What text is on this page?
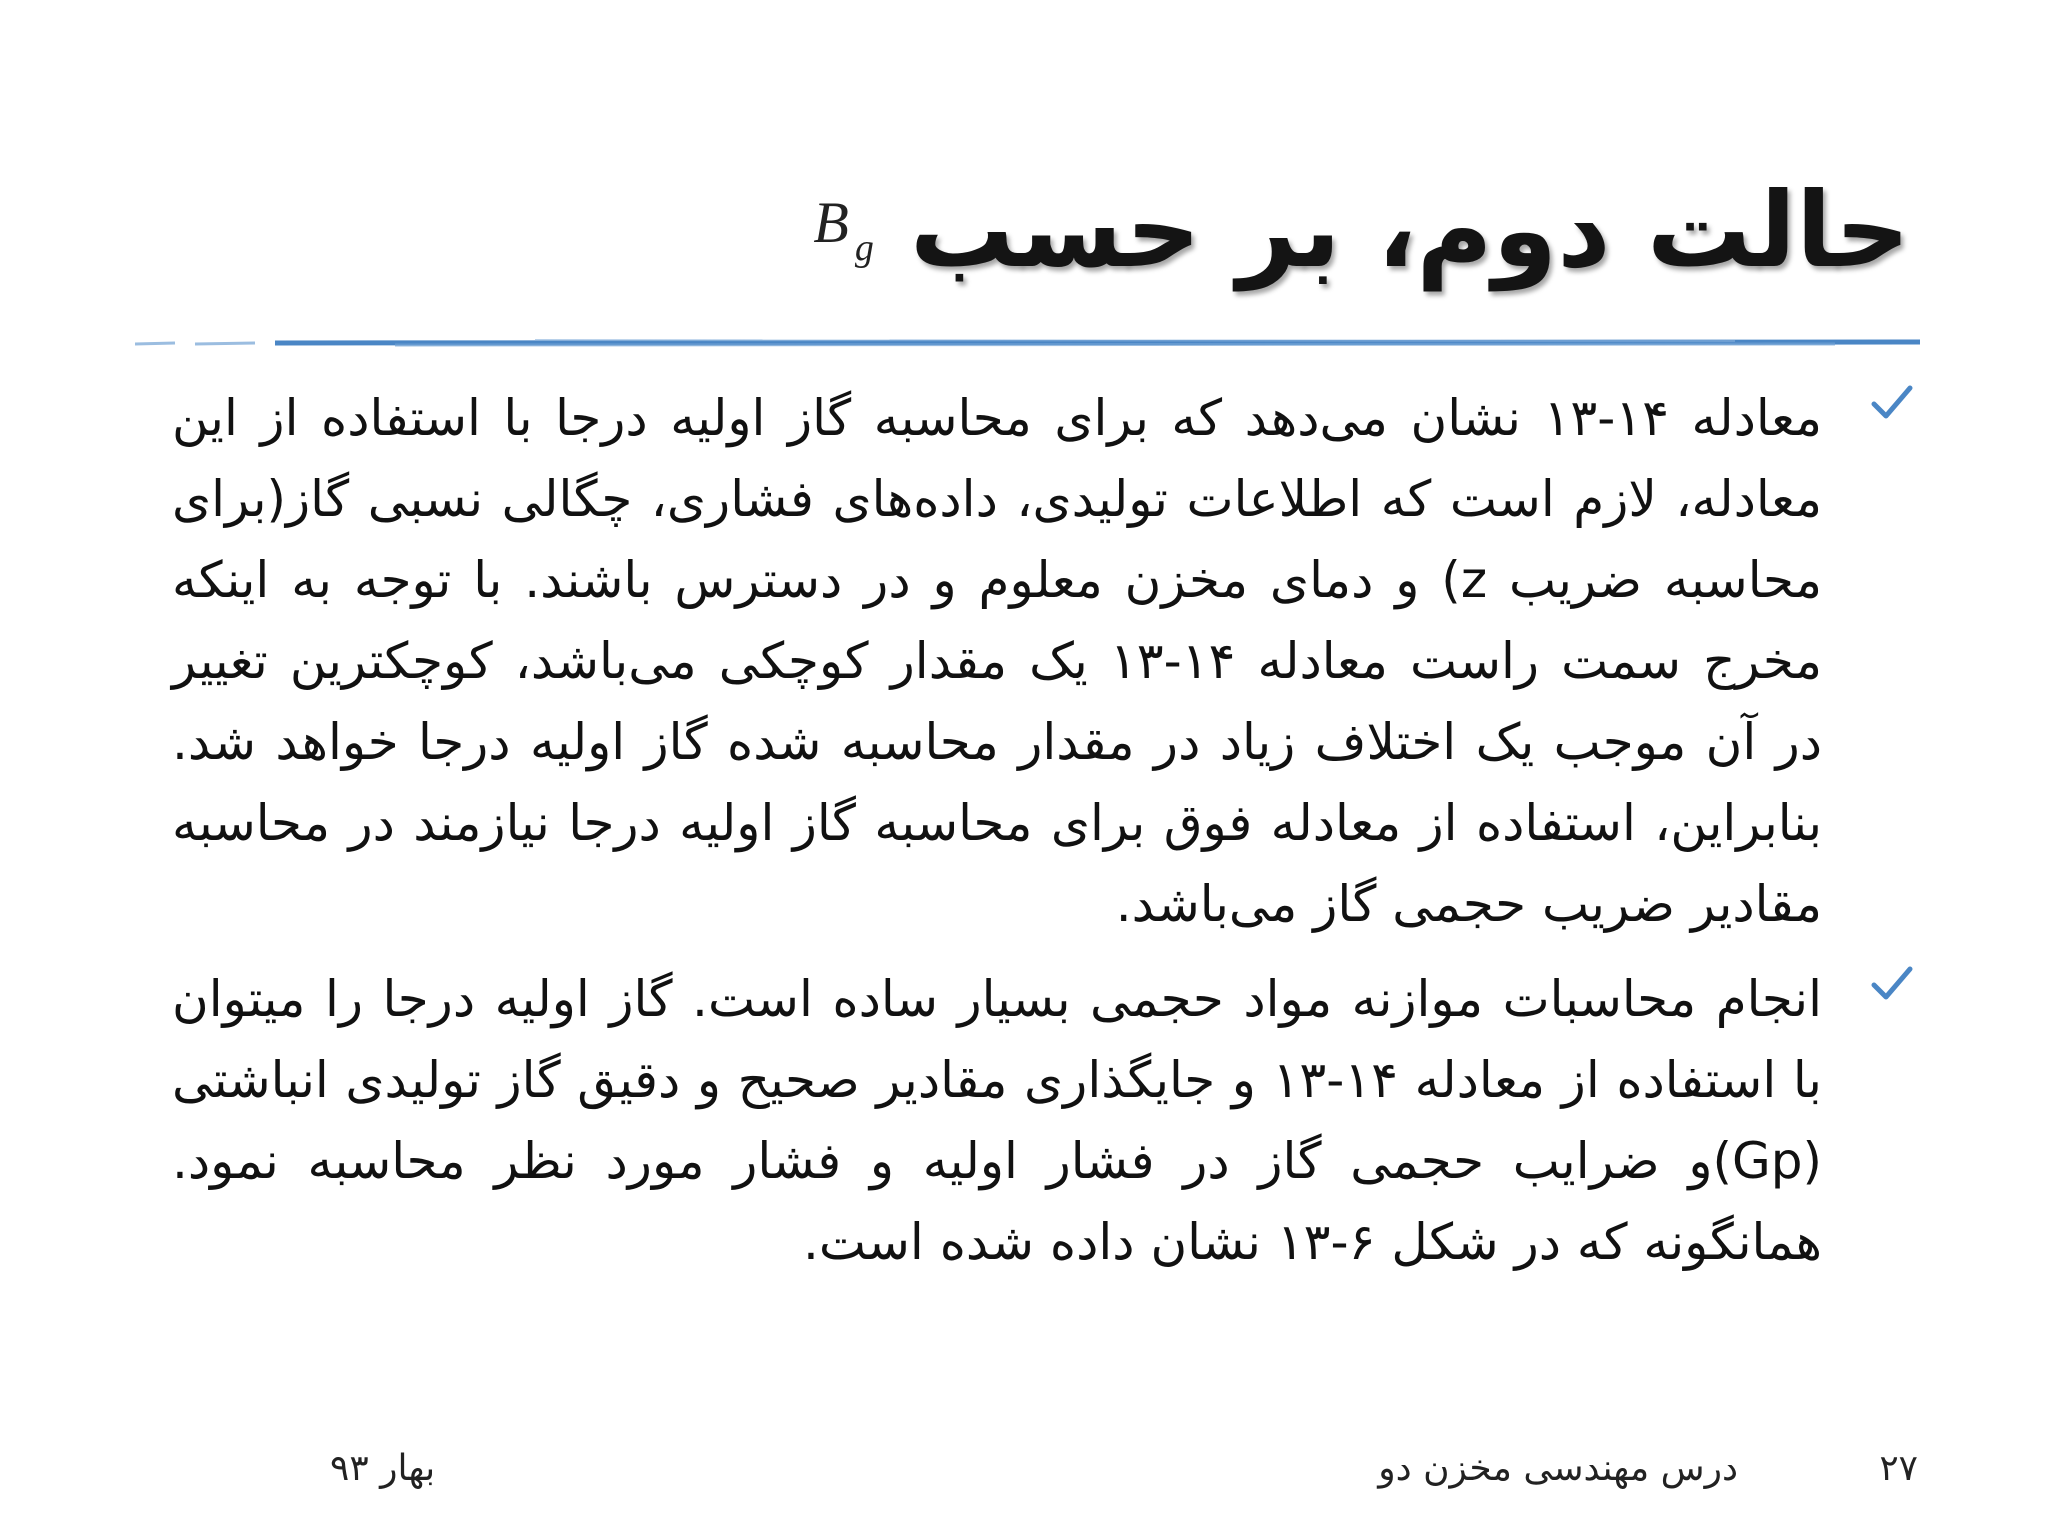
حالت دوم، بر حسب
B $_g$

معادله ۱۴-۱۳ نشان می‌دهد که برای محاسبه گاز اولیه درجا با استفاده از این معادله، لازم است که اطلاعات تولیدی، داده‌های فشاری، چگالی نسبی گاز(برای محاسبه ضریب z) و دمای مخزن معلوم و در دسترس باشند. با توجه به اینکه مخرج سمت راست معادله ۱۴-۱۳ یک مقدار کوچکی می‌باشد، کوچکترین تغییر در آن موجب یک اختلاف زیاد در مقدار محاسبه شده گاز اولیه درجا خواهد شد. بنابراین، استفاده از معادله فوق برای محاسبه گاز اولیه درجا نیازمند در محاسبه مقادیر ضریب حجمی گاز می‌باشد.

انجام محاسبات موازنه مواد حجمی بسیار ساده است. گاز اولیه درجا را میتوان با استفاده از معادله ۱۴-۱۳ و جایگذاری مقادیر صحیح و دقیق گاز تولیدی انباشتی (Gp)و ضرایب حجمی گاز در فشار اولیه و فشار مورد نظر محاسبه نمود. همانگونه که در شکل ۶-۱۳ نشان داده شده است.

۲۷
درس مهندسی مخزن دو
بهار ۹۳
